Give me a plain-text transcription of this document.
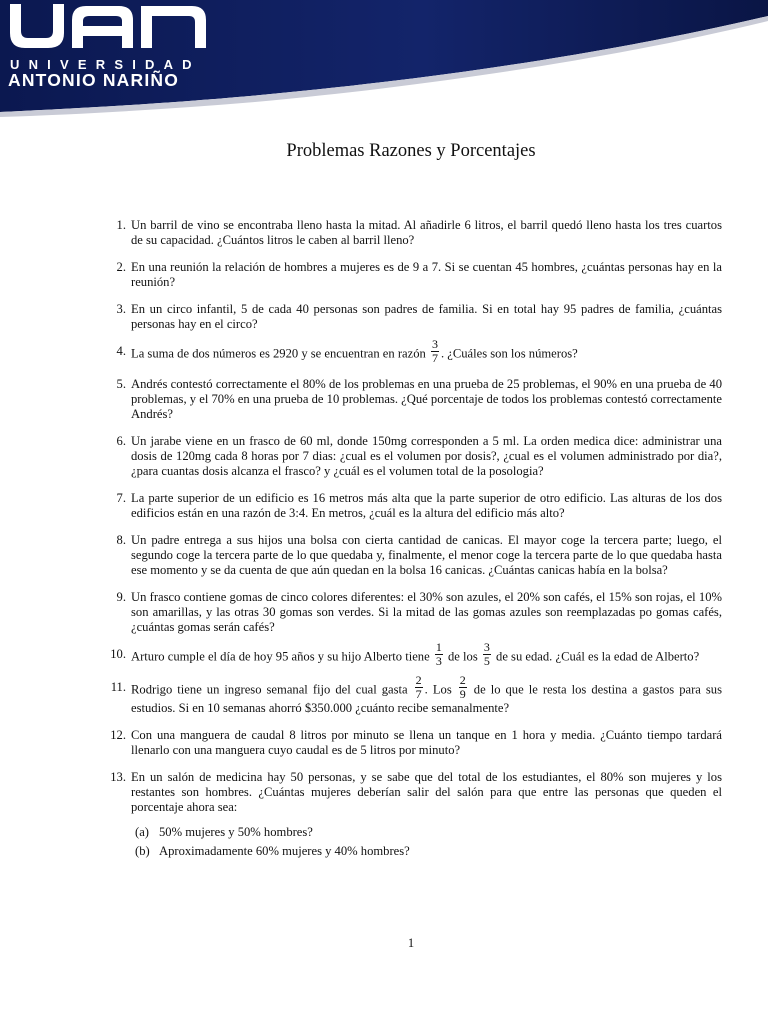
UNIVERSIDAD
ANTONIO NARIÑO
Problemas Razones y Porcentajes
1. Un barril de vino se encontraba lleno hasta la mitad. Al añadirle 6 litros, el barril quedó lleno hasta los tres cuartos de su capacidad. ¿Cuántos litros le caben al barril lleno?
2. En una reunión la relación de hombres a mujeres es de 9 a 7. Si se cuentan 45 hombres, ¿cuántas personas hay en la reunión?
3. En un circo infantil, 5 de cada 40 personas son padres de familia. Si en total hay 95 padres de familia, ¿cuántas personas hay en el circo?
4. La suma de dos números es 2920 y se encuentran en razón $\frac{3}{7}$ . ¿Cuáles son los números?
5. Andrés contestó correctamente el 80% de los problemas en una prueba de 25 problemas, el 90% en una prueba de 40 problemas, y el 70% en una prueba de 10 problemas. ¿Qué porcentaje de todos los problemas contestó correctamente Andrés?
6. Un jarabe viene en un frasco de 60 ml, donde 150mg corresponden a 5 ml. La orden medica dice: administrar una dosis de 120mg cada 8 horas por 7 dias: ¿cual es el volumen por dosis?, ¿cual es el volumen administrado por dia?, ¿para cuantas dosis alcanza el frasco? y ¿cuál es el volumen total de la posologia?
7. La parte superior de un edificio es 16 metros más alta que la parte superior de otro edificio. Las alturas de los dos edificios están en una razón de 3:4. En metros, ¿cuál es la altura del edificio más alto?
8. Un padre entrega a sus hijos una bolsa con cierta cantidad de canicas. El mayor coge la tercera parte; luego, el segundo coge la tercera parte de lo que quedaba y, finalmente, el menor coge la tercera parte de lo que quedaba hasta ese momento y se da cuenta de que aún quedan en la bolsa 16 canicas. ¿Cuántas canicas había en la bolsa?
9. Un frasco contiene gomas de cinco colores diferentes: el 30% son azules, el 20% son cafés, el 15% son rojas, el 10% son amarillas, y las otras 30 gomas son verdes. Si la mitad de las gomas azules son reemplazadas po gomas cafés, ¿cuántas gomas serán cafés?
10. Arturo cumple el día de hoy 95 años y su hijo Alberto tiene $\frac{1}{3}$ de los $\frac{3}{5}$ de su edad. ¿Cuál es la edad de Alberto?
11. Rodrigo tiene un ingreso semanal fijo del cual gasta $\frac{2}{7}$ . Los $\frac{2}{9}$ de lo que le resta los destina a gastos para sus estudios. Si en 10 semanas ahorró $350.000 ¿cuánto recibe semanalmente?
12. Con una manguera de caudal 8 litros por minuto se llena un tanque en 1 hora y media. ¿Cuánto tiempo tardará llenarlo con una manguera cuyo caudal es de 5 litros por minuto?
13. En un salón de medicina hay 50 personas, y se sabe que del total de los estudiantes, el 80% son mujeres y los restantes son hombres. ¿Cuántas mujeres deberían salir del salón para que entre las personas que queden el porcentaje ahora sea:
(a) 50% mujeres y 50% hombres?
(b) Aproximadamente 60% mujeres y 40% hombres?
1
